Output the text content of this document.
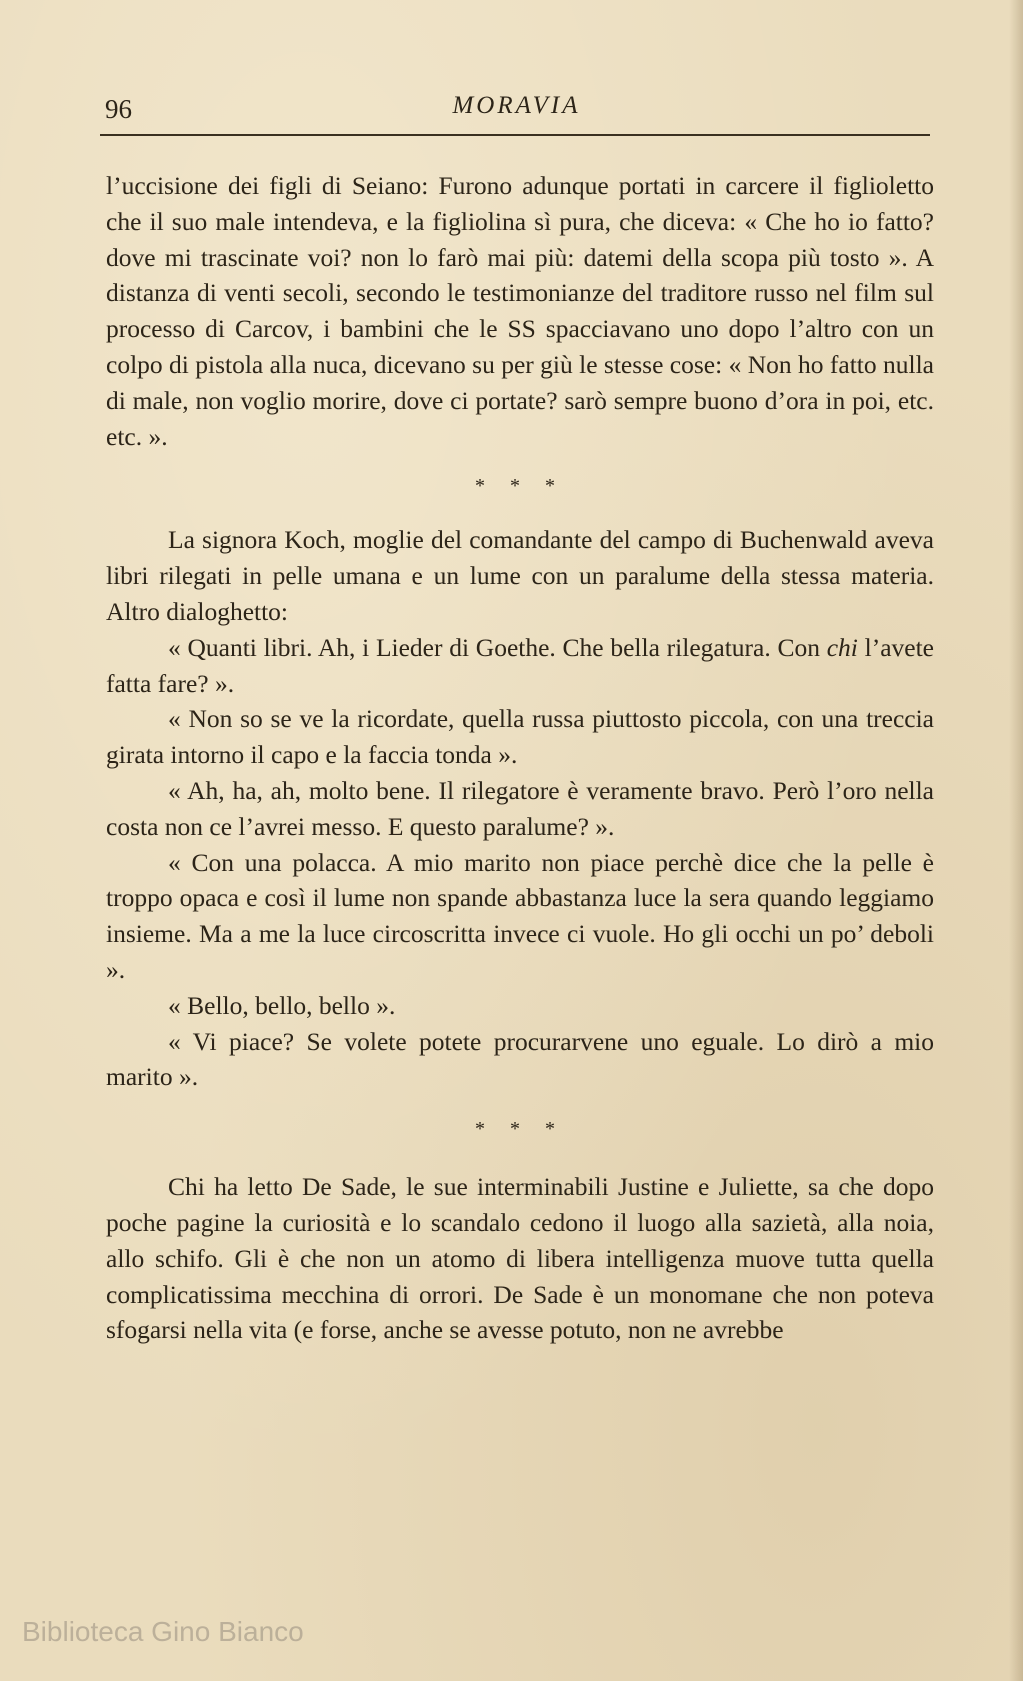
96	MORAVIA

l’uccisione dei figli di Seiano: Furono adunque portati in carcere il figlioletto che il suo male intendeva, e la figliolina sì pura, che diceva: « Che ho io fatto? dove mi trascinate voi? non lo farò mai più: datemi della scopa più tosto ». A distanza di venti secoli, secondo le testimonianze del traditore russo nel film sul processo di Carcov, i bambini che le SS spacciavano uno dopo l’altro con un colpo di pistola alla nuca, dicevano su per giù le stesse cose: « Non ho fatto nulla di male, non voglio morire, dove ci portate? sarò sempre buono d’ora in poi, etc. etc. ».

* * *

La signora Koch, moglie del comandante del campo di Buchenwald aveva libri rilegati in pelle umana e un lume con un paralume della stessa materia. Altro dialoghetto:

« Quanti libri. Ah, i Lieder di Goethe. Che bella rilegatura. Con chi l’avete fatta fare? ».

« Non so se ve la ricordate, quella russa piuttosto piccola, con una treccia girata intorno il capo e la faccia tonda ».

« Ah, ha, ah, molto bene. Il rilegatore è veramente bravo. Però l’oro nella costa non ce l’avrei messo. E questo paralume? ».

« Con una polacca. A mio marito non piace perchè dice che la pelle è troppo opaca e così il lume non spande abbastanza luce la sera quando leggiamo insieme. Ma a me la luce circoscritta invece ci vuole. Ho gli occhi un po’ deboli ».

« Bello, bello, bello ».

« Vi piace? Se volete potete procurarvene uno eguale. Lo dirò a mio marito ».

* * *

Chi ha letto De Sade, le sue interminabili Justine e Juliette, sa che dopo poche pagine la curiosità e lo scandalo cedono il luogo alla sazietà, alla noia, allo schifo. Gli è che non un atomo di libera intelligenza muove tutta quella complicatissima mecchina di orrori. De Sade è un monomane che non poteva sfogarsi nella vita (e forse, anche se avesse potuto, non ne avrebbe

Biblioteca Gino Bianco
